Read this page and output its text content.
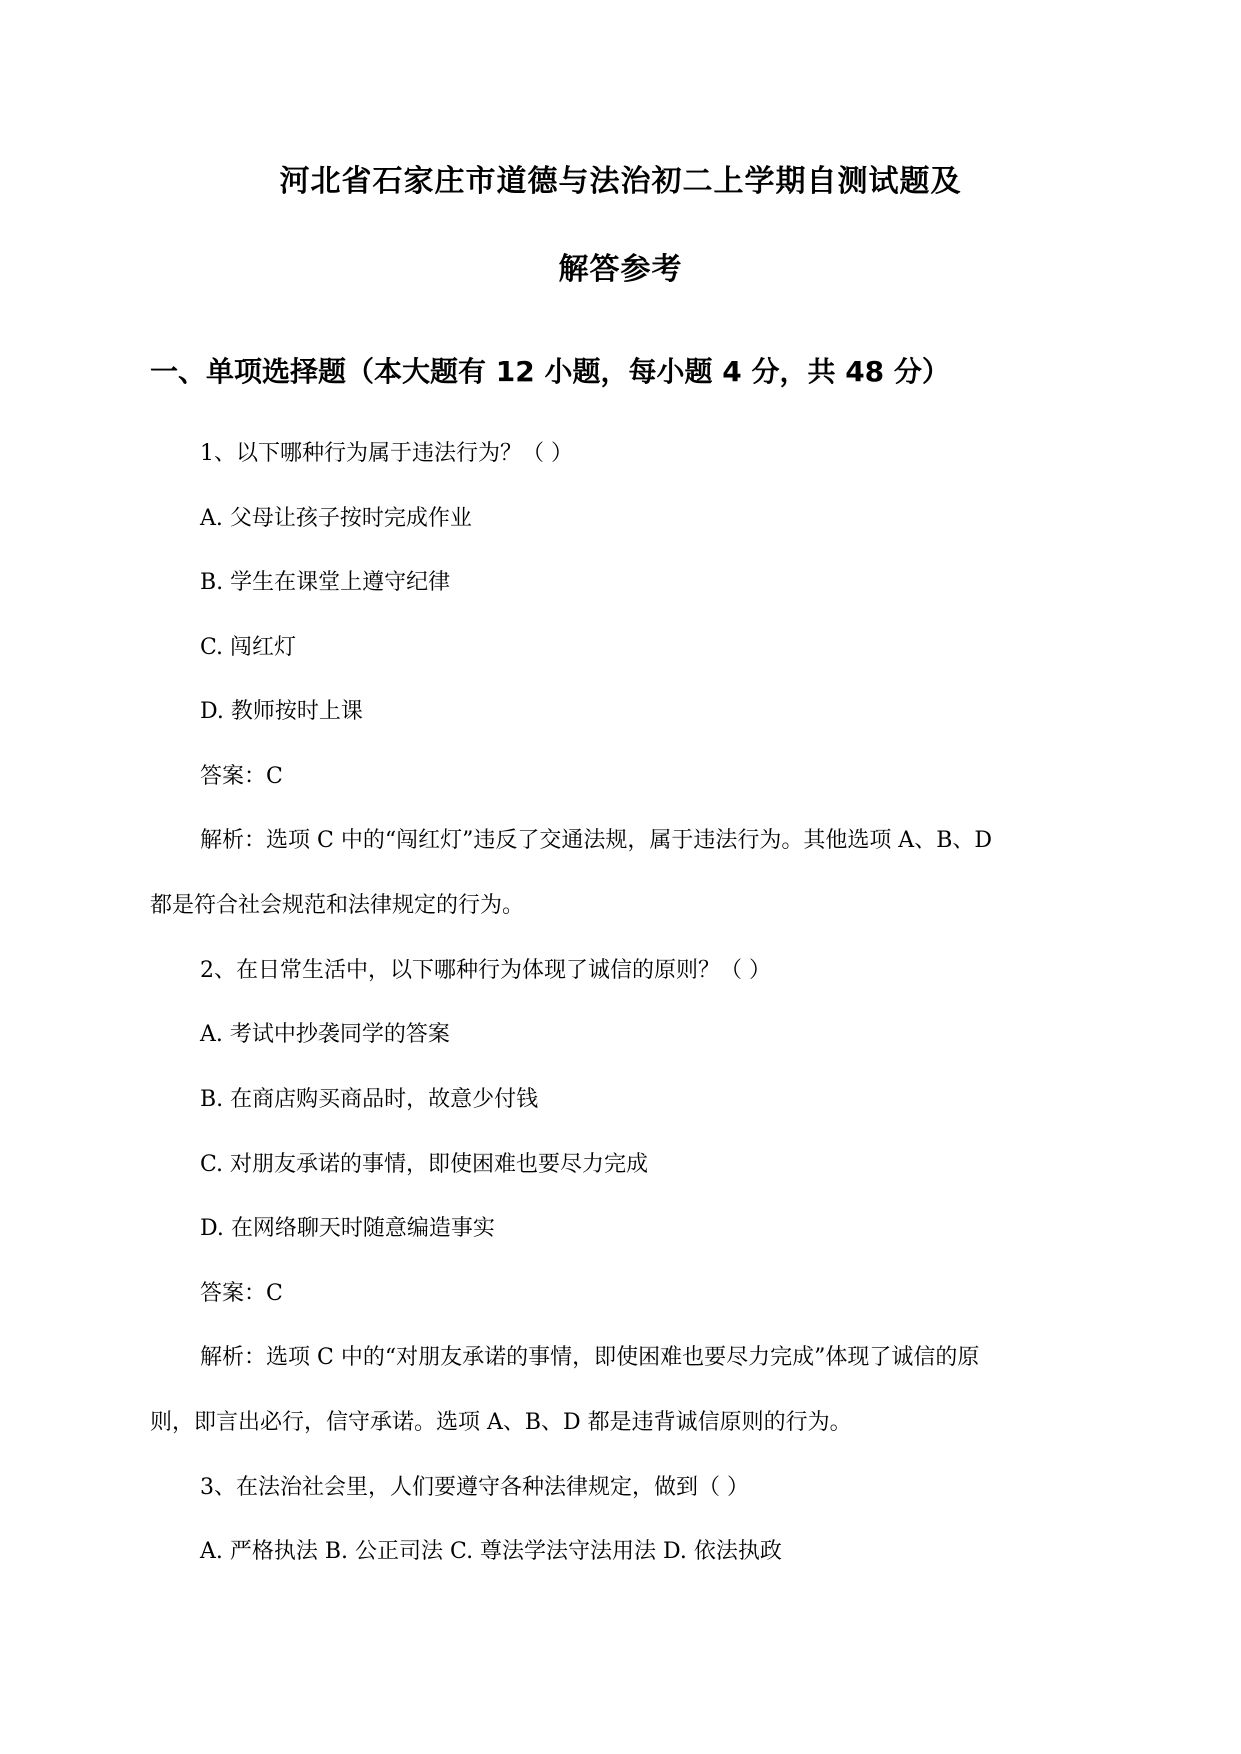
河北省石家庄市道德与法治初二上学期自测试题及
解答参考
一、单项选择题（本大题有 12 小题，每小题 4 分，共 48 分）
1、以下哪种行为属于违法行为？（ ）
A. 父母让孩子按时完成作业
B. 学生在课堂上遵守纪律
C. 闯红灯
D. 教师按时上课
答案：C
解析：选项 C 中的“闯红灯”违反了交通法规，属于违法行为。其他选项 A、B、D
都是符合社会规范和法律规定的行为。
2、在日常生活中，以下哪种行为体现了诚信的原则？（ ）
A. 考试中抄袭同学的答案
B. 在商店购买商品时，故意少付钱
C. 对朋友承诺的事情，即使困难也要尽力完成
D. 在网络聊天时随意编造事实
答案：C
解析：选项 C 中的“对朋友承诺的事情，即使困难也要尽力完成”体现了诚信的原
则，即言出必行，信守承诺。选项 A、B、D 都是违背诚信原则的行为。
3、在法治社会里，人们要遵守各种法律规定，做到（ ）
A. 严格执法 B. 公正司法 C. 尊法学法守法用法 D. 依法执政
